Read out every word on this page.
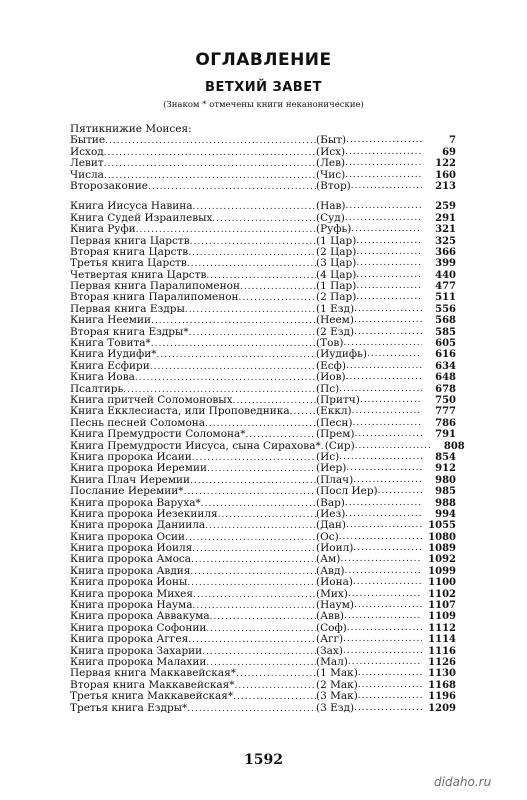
ОГЛАВЛЕНИЕ
ВЕТХИЙ ЗАВЕТ
(Знаком * отмечены книги неканонические)
Пятикнижие Моисея:
Бытие .....	(Быт) .....	7
Исход .....	(Исх) .....	69
Левит .....	(Лев) .....	122
Числа .....	(Чис) .....	160
Второзаконие .....	(Втор) .....	213
Книга Иисуса Навина .....	(Нав) .....	259
Книга Судей Израилевых .....	(Суд) .....	291
Книга Руфи .....	(Руфь) .....	321
Первая книга Царств .....	(1 Цар) .....	325
Вторая книга Царств .....	(2 Цар) .....	366
Третья книга Царств .....	(3 Цар) .....	399
Четвертая книга Царств .....	(4 Цар) .....	440
Первая книга Паралипоменон .....	(1 Пар) .....	477
Вторая книга Паралипоменон .....	(2 Пар) .....	511
Первая книга Ездры .....	(1 Езд) .....	556
Книга Неемии .....	(Неем) .....	568
Вторая книга Ездры* .....	(2 Езд) .....	585
Книга Товита* .....	(Тов) .....	605
Книга Иудифи* .....	(Иудифь) .....	616
Книга Есфири .....	(Есф) .....	634
Книга Иова .....	(Иов) .....	648
Псалтирь .....	(Пс) .....	678
Книга притчей Соломоновых .....	(Притч) .....	750
Книга Екклесиаста, или Проповедника .....	(Еккл) .....	777
Песнь песней Соломона .....	(Песн) .....	786
Книга Премудрости Соломона* .....	(Прем) .....	791
Книга Премудрости Иисуса, сына Сирахова* ..... (Сир) .....	808
Книга пророка Исаии .....	(Ис) .....	854
Книга пророка Иеремии .....	(Иер) .....	912
Книга Плач Иеремии .....	(Плач) .....	980
Послание Иеремии* .....	(Посл Иер) .....	985
Книга пророка Варуха* .....	(Вар) .....	988
Книга пророка Иезекииля .....	(Иез) .....	994
Книга пророка Даниила .....	(Дан) .....	1055
Книга пророка Осии .....	(Ос) .....	1080
Книга пророка Иоиля .....	(Иоил) .....	1089
Книга пророка Амоса .....	(Ам) .....	1092
Книга пророка Авдия .....	(Авд) .....	1099
Книга пророка Ионы .....	(Иона) .....	1100
Книга пророка Михея .....	(Мих) .....	1102
Книга пророка Наума .....	(Наум) .....	1107
Книга пророка Аввакума .....	(Авв) .....	1109
Книга пророка Софонии .....	(Соф) .....	1112
Книга пророка Аггея .....	(Агг) .....	1114
Книга пророка Захарии .....	(Зах) .....	1116
Книга пророка Малахии .....	(Мал) .....	1126
Первая книга Маккавейская* .....	(1 Мак) .....	1130
Вторая книга Маккавейская* .....	(2 Мак) .....	1168
Третья книга Маккавейская* .....	(3 Мак) .....	1196
Третья книга Ездры* .....	(3 Езд) .....	1209
1592
didaho.ru
